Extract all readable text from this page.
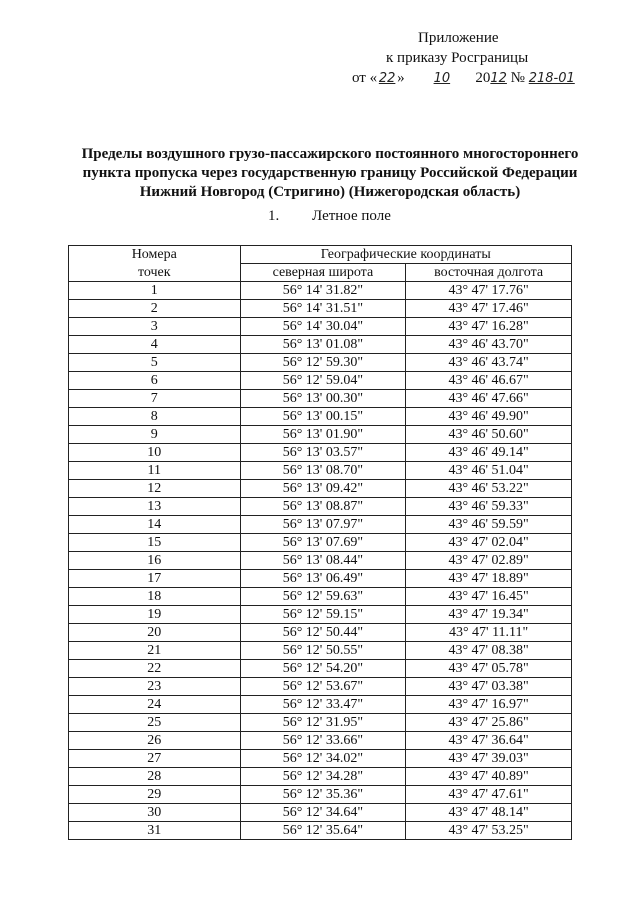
Приложение
к приказу Росграницы
от « 22 » 10 2012 № 218-01
Пределы воздушного грузо-пассажирского постоянного многостороннего
пункта пропуска через государственную границу Российской Федерации
Нижний Новгород (Стригино) (Нижегородская область)
1. Летное поле
Номера	Географические координаты	
точек	северная широта	восточная долгота
1	56° 14' 31.82"	43° 47' 17.76"
2	56° 14' 31.51"	43° 47' 17.46"
3	56° 14' 30.04"	43° 47' 16.28"
4	56° 13' 01.08"	43° 46' 43.70"
5	56° 12' 59.30"	43° 46' 43.74"
6	56° 12' 59.04"	43° 46' 46.67"
7	56° 13' 00.30"	43° 46' 47.66"
8	56° 13' 00.15"	43° 46' 49.90"
9	56° 13' 01.90"	43° 46' 50.60"
10	56° 13' 03.57"	43° 46' 49.14"
11	56° 13' 08.70"	43° 46' 51.04"
12	56° 13' 09.42"	43° 46' 53.22"
13	56° 13' 08.87"	43° 46' 59.33"
14	56° 13' 07.97"	43° 46' 59.59"
15	56° 13' 07.69"	43° 47' 02.04"
16	56° 13' 08.44"	43° 47' 02.89"
17	56° 13' 06.49"	43° 47' 18.89"
18	56° 12' 59.63"	43° 47' 16.45"
19	56° 12' 59.15"	43° 47' 19.34"
20	56° 12' 50.44"	43° 47' 11.11"
21	56° 12' 50.55"	43° 47' 08.38"
22	56° 12' 54.20"	43° 47' 05.78"
23	56° 12' 53.67"	43° 47' 03.38"
24	56° 12' 33.47"	43° 47' 16.97"
25	56° 12' 31.95"	43° 47' 25.86"
26	56° 12' 33.66"	43° 47' 36.64"
27	56° 12' 34.02"	43° 47' 39.03"
28	56° 12' 34.28"	43° 47' 40.89"
29	56° 12' 35.36"	43° 47' 47.61"
30	56° 12' 34.64"	43° 47' 48.14"
31	56° 12' 35.64"	43° 47' 53.25"
